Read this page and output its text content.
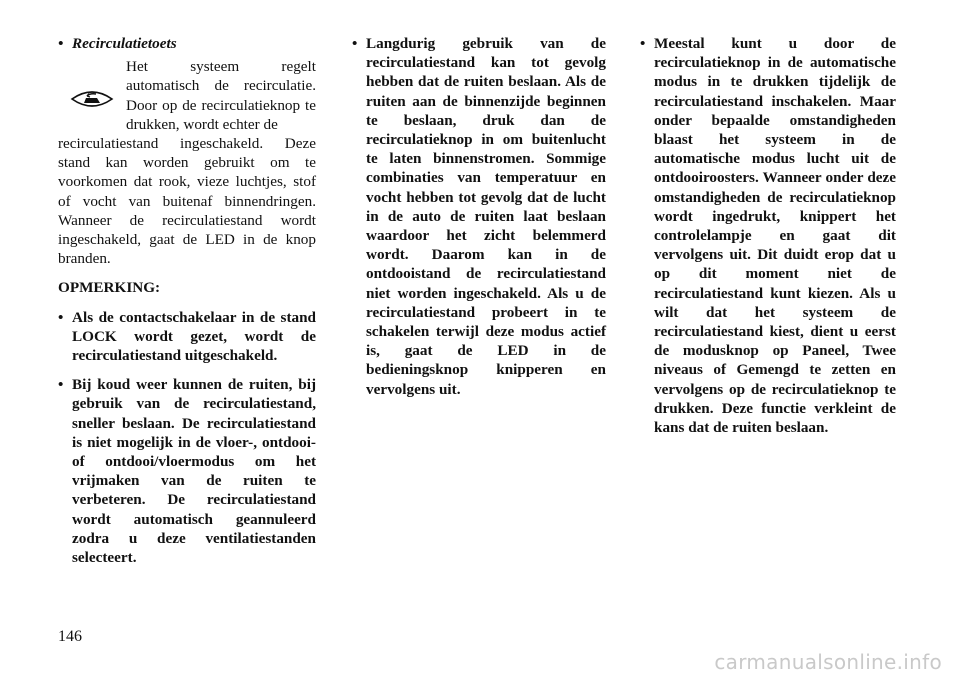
• Recirculatietoets
Het systeem regelt automatisch de recirculatie. Door op de recirculatieknop te drukken, wordt echter de
recirculatiestand ingeschakeld. Deze stand kan worden gebruikt om te voorkomen dat rook, vieze luchtjes, stof of vocht van buitenaf binnendringen. Wanneer de recirculatiestand wordt ingeschakeld, gaat de LED in de knop branden.
OPMERKING:
• Als de contactschakelaar in de stand LOCK wordt gezet, wordt de recirculatiestand uitgeschakeld.
• Bij koud weer kunnen de ruiten, bij gebruik van de recirculatiestand, sneller beslaan. De recirculatiestand is niet mogelijk in de vloer-, ontdooi- of ontdooi/vloermodus om het vrijmaken van de ruiten te verbeteren. De recirculatiestand wordt automatisch geannuleerd zodra u deze ventilatiestanden selecteert.
• Langdurig gebruik van de recirculatiestand kan tot gevolg hebben dat de ruiten beslaan. Als de ruiten aan de binnenzijde beginnen te beslaan, druk dan de recirculatieknop in om buitenlucht te laten binnenstromen. Sommige combinaties van temperatuur en vocht hebben tot gevolg dat de lucht in de auto de ruiten laat beslaan waardoor het zicht belemmerd wordt. Daarom kan in de ontdooistand de recirculatiestand niet worden ingeschakeld. Als u de recirculatiestand probeert in te schakelen terwijl deze modus actief is, gaat de LED in de bedieningsknop knipperen en vervolgens uit.
• Meestal kunt u door de recirculatieknop in de automatische modus in te drukken tijdelijk de recirculatiestand inschakelen. Maar onder bepaalde omstandigheden blaast het systeem in de automatische modus lucht uit de ontdooiroosters. Wanneer onder deze omstandigheden de recirculatieknop wordt ingedrukt, knippert het controlelampje en gaat dit vervolgens uit. Dit duidt erop dat u op dit moment niet de recirculatiestand kunt kiezen. Als u wilt dat het systeem de recirculatiestand kiest, dient u eerst de modusknop op Paneel, Twee niveaus of Gemengd te zetten en vervolgens op de recirculatieknop te drukken. Deze functie verkleint de kans dat de ruiten beslaan.
146
carmanualsonline.info
